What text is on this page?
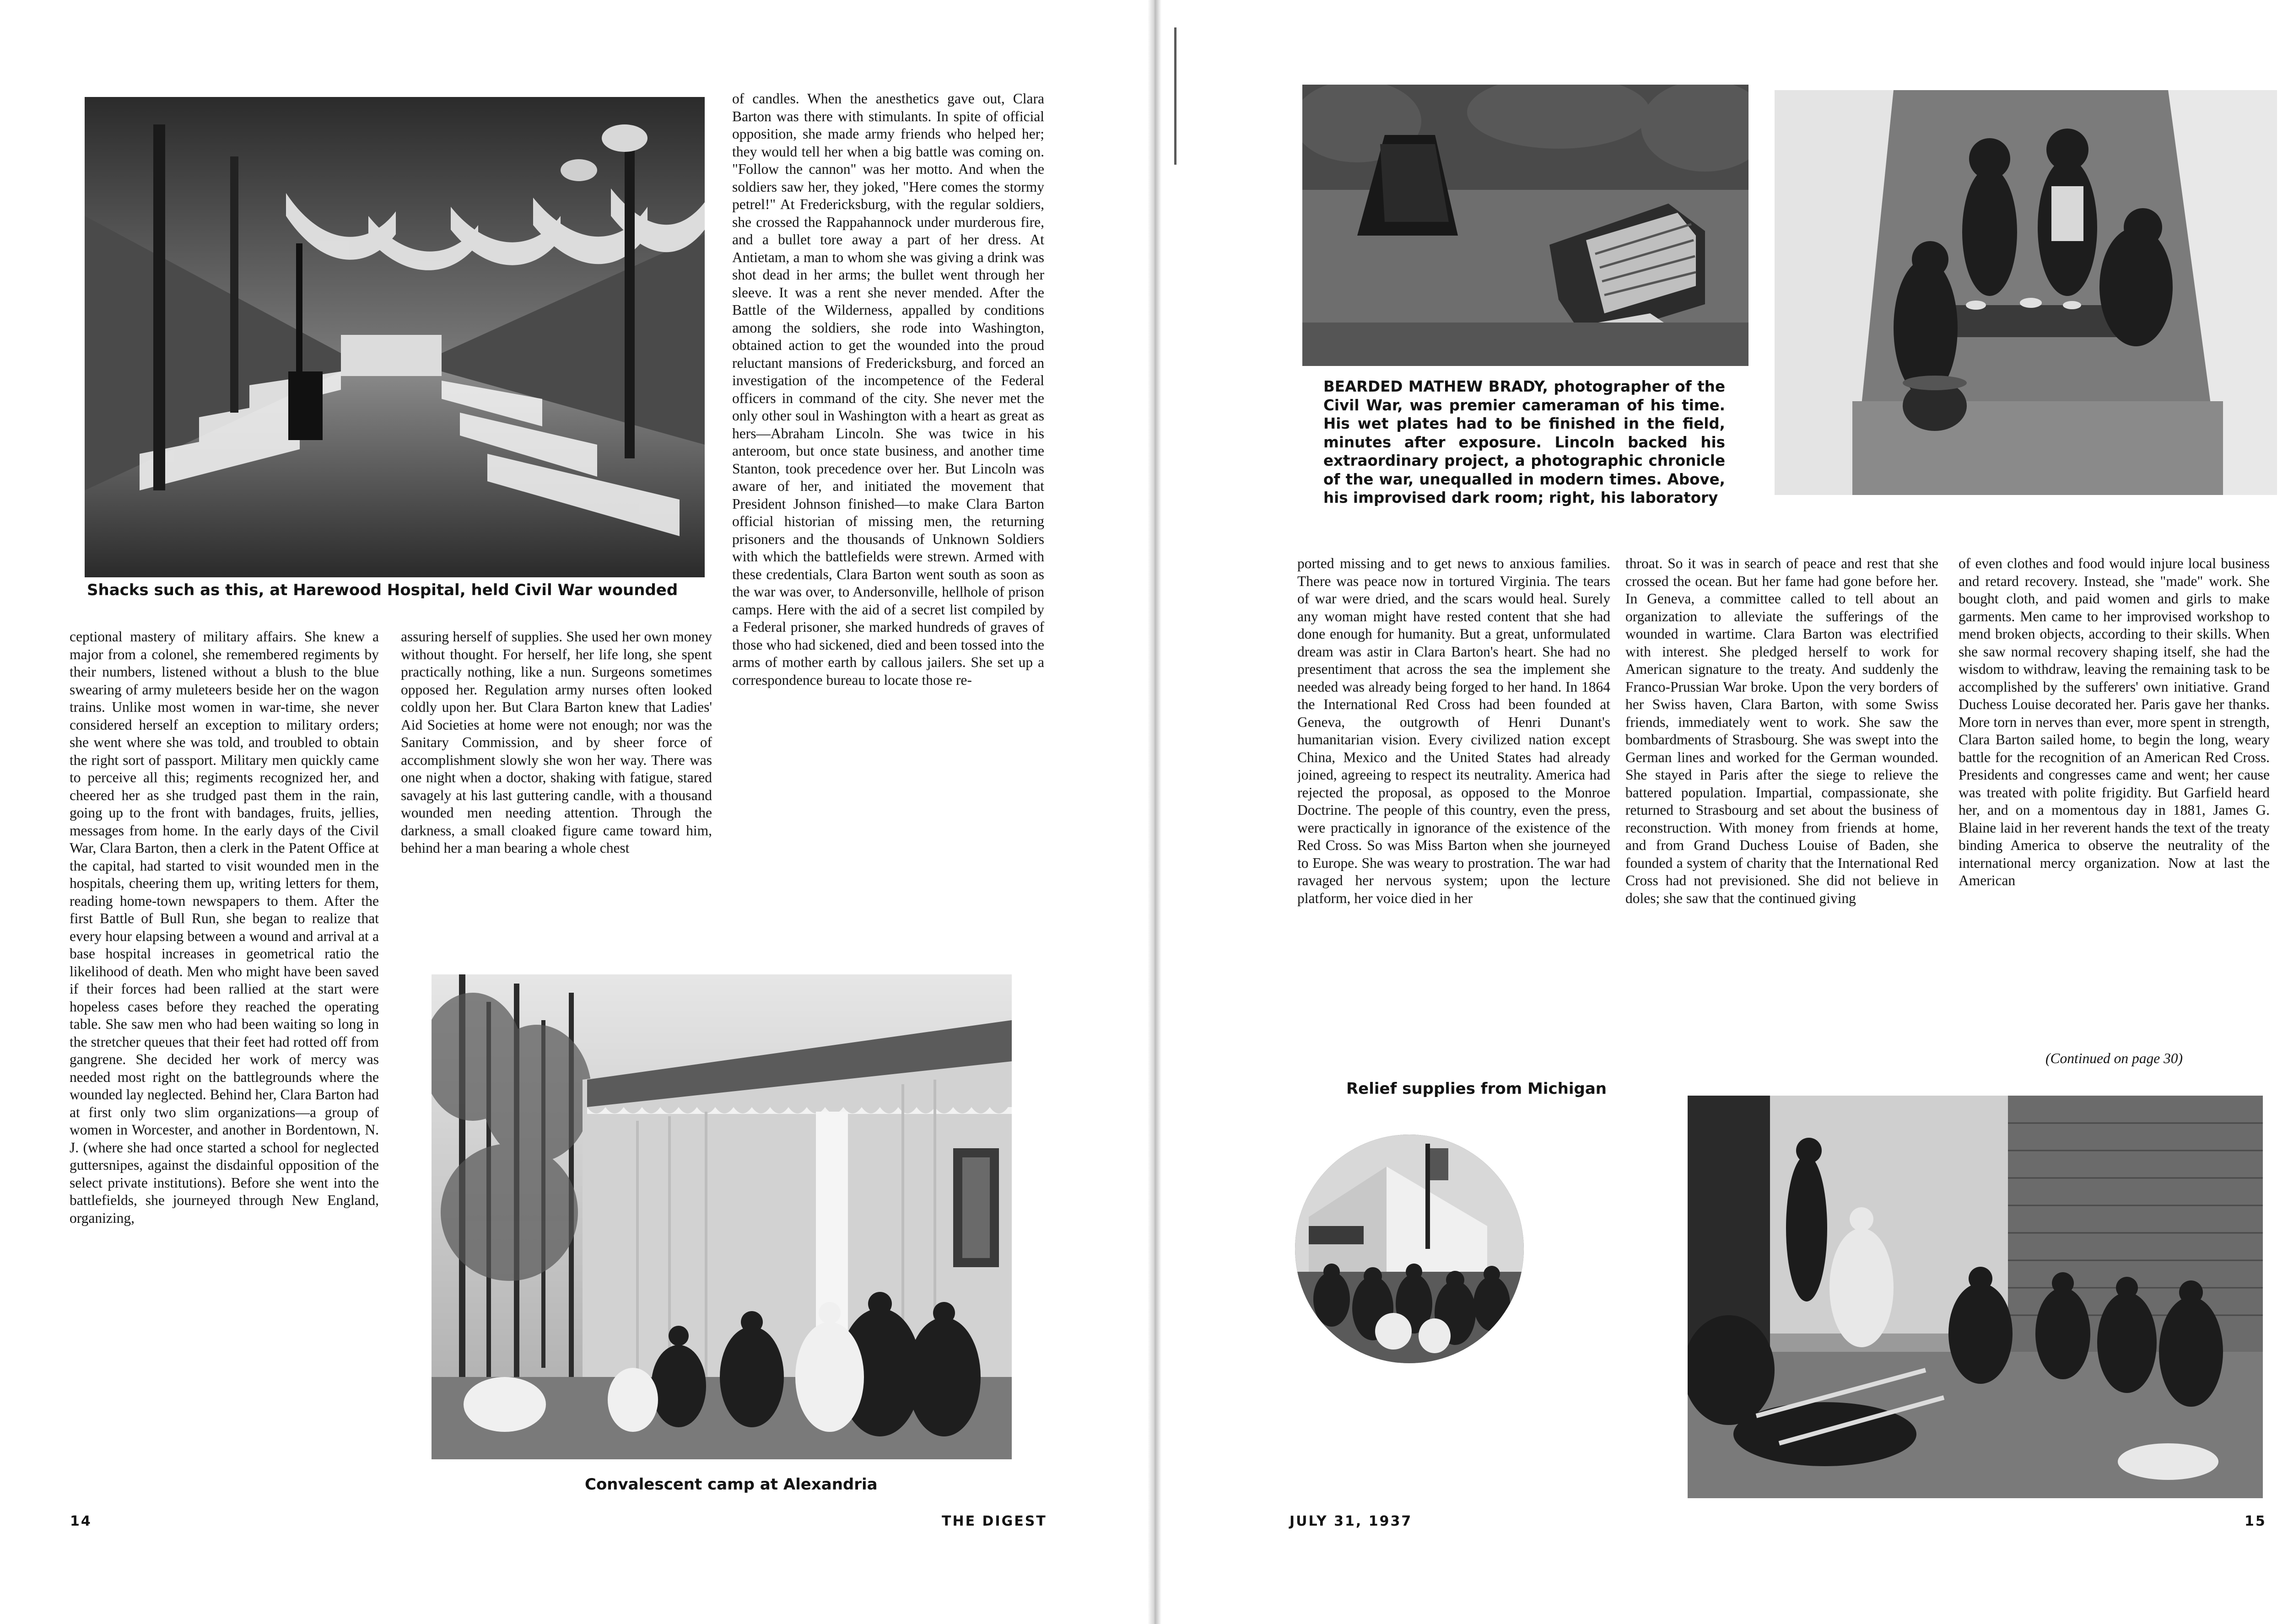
Shacks such as this, at Harewood Hospital, held Civil War wounded

ceptional mastery of military affairs. She knew a major from a colonel, she remembered regiments by their numbers, listened without a blush to the blue swearing of army muleteers beside her on the wagon trains. Unlike most women in war-time, she never considered herself an exception to military orders; she went where she was told, and troubled to obtain the right sort of passport. Military men quickly came to perceive all this; regiments recognized her, and cheered her as she trudged past them in the rain, going up to the front with bandages, fruits, jellies, messages from home. In the early days of the Civil War, Clara Barton, then a clerk in the Patent Office at the capital, had started to visit wounded men in the hospitals, cheering them up, writing letters for them, reading home-town newspapers to them. After the first Battle of Bull Run, she began to realize that every hour elapsing between a wound and arrival at a base hospital increases in geometrical ratio the likelihood of death. Men who might have been saved if their forces had been rallied at the start were hopeless cases before they reached the operating table. She saw men who had been waiting so long in the stretcher queues that their feet had rotted off from gangrene. She decided her work of mercy was needed most right on the battlegrounds where the wounded lay neglected. Behind her, Clara Barton had at first only two slim organizations—a group of women in Worcester, and another in Bordentown, N. J. (where she had once started a school for neglected guttersnipes, against the disdainful opposition of the select private institutions). Before she went into the battlefields, she journeyed through New England, organizing,

assuring herself of supplies. She used her own money without thought. For herself, her life long, she spent practically nothing, like a nun. Surgeons sometimes opposed her. Regulation army nurses often looked coldly upon her. But Clara Barton knew that Ladies' Aid Societies at home were not enough; nor was the Sanitary Commission, and by sheer force of accomplishment slowly she won her way. There was one night when a doctor, shaking with fatigue, stared savagely at his last guttering candle, with a thousand wounded men needing attention. Through the darkness, a small cloaked figure came toward him, behind her a man bearing a whole chest

of candles. When the anesthetics gave out, Clara Barton was there with stimulants. In spite of official opposition, she made army friends who helped her; they would tell her when a big battle was coming on. "Follow the cannon" was her motto. And when the soldiers saw her, they joked, "Here comes the stormy petrel!" At Fredericksburg, with the regular soldiers, she crossed the Rappahannock under murderous fire, and a bullet tore away a part of her dress. At Antietam, a man to whom she was giving a drink was shot dead in her arms; the bullet went through her sleeve. It was a rent she never mended. After the Battle of the Wilderness, appalled by conditions among the soldiers, she rode into Washington, obtained action to get the wounded into the proud reluctant mansions of Fredericksburg, and forced an investigation of the incompetence of the Federal officers in command of the city. She never met the only other soul in Washington with a heart as great as hers—Abraham Lincoln. She was twice in his anteroom, but once state business, and another time Stanton, took precedence over her. But Lincoln was aware of her, and initiated the movement that President Johnson finished—to make Clara Barton official historian of missing men, the returning prisoners and the thousands of Unknown Soldiers with which the battlefields were strewn. Armed with these credentials, Clara Barton went south as soon as the war was over, to Andersonville, hellhole of prison camps. Here with the aid of a secret list compiled by a Federal prisoner, she marked hundreds of graves of those who had sickened, died and been tossed into the arms of mother earth by callous jailers. She set up a correspondence bureau to locate those re-

Convalescent camp at Alexandria

14	THE DIGEST

BEARDED MATHEW BRADY, photographer of the Civil War, was premier cameraman of his time. His wet plates had to be finished in the field, minutes after exposure. Lincoln backed his extraordinary project, a photographic chronicle of the war, unequalled in modern times. Above, his improvised dark room; right, his laboratory

ported missing and to get news to anxious families. There was peace now in tortured Virginia. The tears of war were dried, and the scars would heal. Surely any woman might have rested content that she had done enough for humanity. But a great, unformulated dream was astir in Clara Barton's heart. She had no presentiment that across the sea the implement she needed was already being forged to her hand. In 1864 the International Red Cross had been founded at Geneva, the outgrowth of Henri Dunant's humanitarian vision. Every civilized nation except China, Mexico and the United States had already joined, agreeing to respect its neutrality. America had rejected the proposal, as opposed to the Monroe Doctrine. The people of this country, even the press, were practically in ignorance of the existence of the Red Cross. So was Miss Barton when she journeyed to Europe. She was weary to prostration. The war had ravaged her nervous system; upon the lecture platform, her voice died in her

throat. So it was in search of peace and rest that she crossed the ocean. But her fame had gone before her. In Geneva, a committee called to tell about an organization to alleviate the sufferings of the wounded in wartime. Clara Barton was electrified with interest. She pledged herself to work for American signature to the treaty. And suddenly the Franco-Prussian War broke. Upon the very borders of her Swiss haven, Clara Barton, with some Swiss friends, immediately went to work. She saw the bombardments of Strasbourg. She was swept into the German lines and worked for the German wounded. She stayed in Paris after the siege to relieve the battered population. Impartial, compassionate, she returned to Strasbourg and set about the business of reconstruction. With money from friends at home, and from Grand Duchess Louise of Baden, she founded a system of charity that the International Red Cross had not previsioned. She did not believe in doles; she saw that the continued giving

of even clothes and food would injure local business and retard recovery. Instead, she "made" work. She bought cloth, and paid women and girls to make garments. Men came to her improvised workshop to mend broken objects, according to their skills. When she saw normal recovery shaping itself, she had the wisdom to withdraw, leaving the remaining task to be accomplished by the sufferers' own initiative. Grand Duchess Louise decorated her. Paris gave her thanks. More torn in nerves than ever, more spent in strength, Clara Barton sailed home, to begin the long, weary battle for the recognition of an American Red Cross. Presidents and congresses came and went; her cause was treated with polite frigidity. But Garfield heard her, and on a momentous day in 1881, James G. Blaine laid in her reverent hands the text of the treaty binding America to observe the neutrality of the international mercy organization. Now at last the American

(Continued on page 30)

Relief supplies from Michigan

JULY 31, 1937	15
